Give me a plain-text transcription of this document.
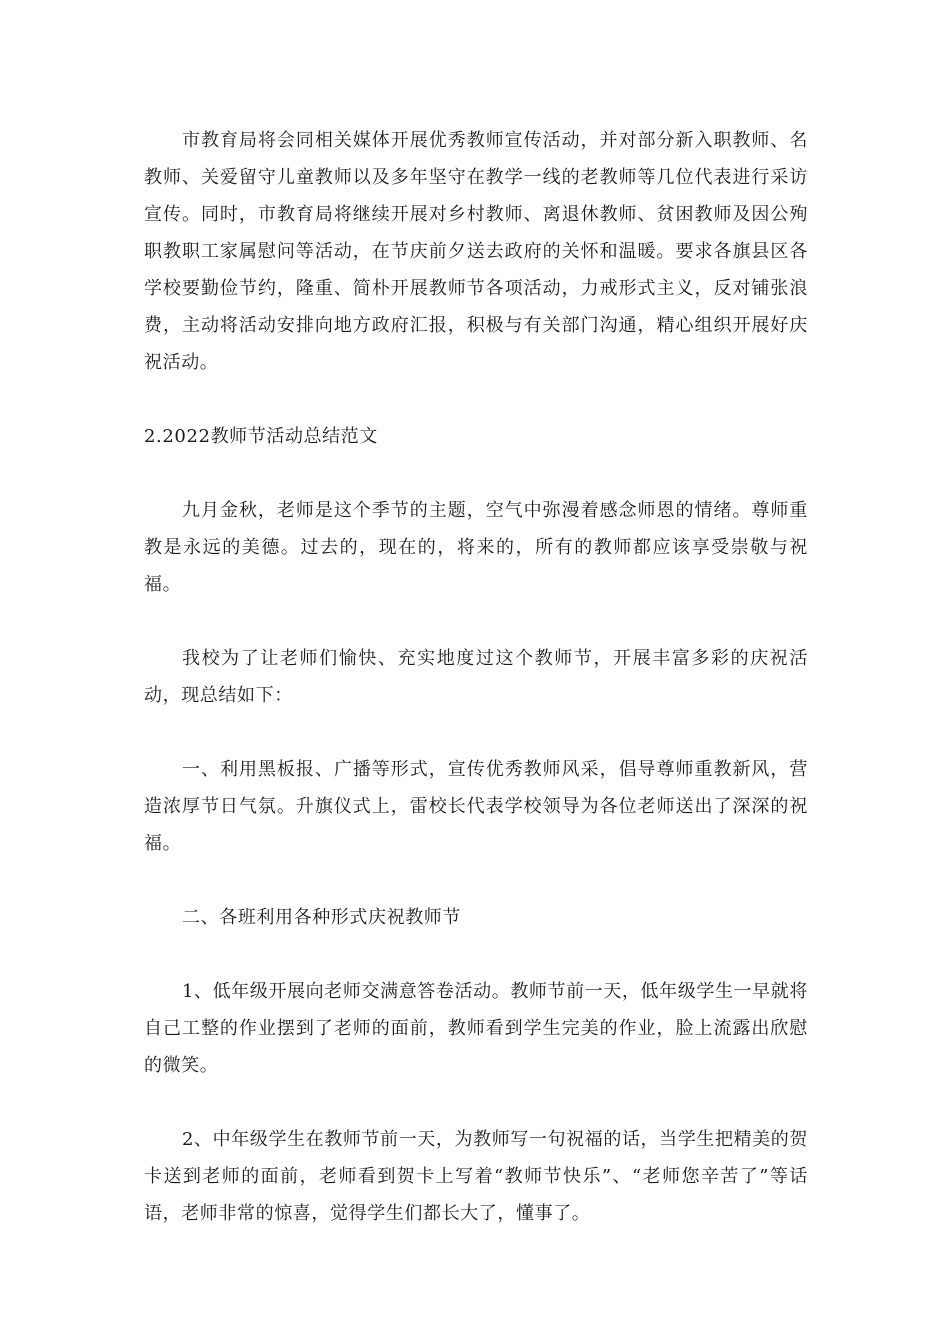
市教育局将会同相关媒体开展优秀教师宣传活动，并对部分新入职教师、名教师、关爱留守儿童教师以及多年坚守在教学一线的老教师等几位代表进行采访宣传。同时，市教育局将继续开展对乡村教师、离退休教师、贫困教师及因公殉职教职工家属慰问等活动，在节庆前夕送去政府的关怀和温暖。要求各旗县区各学校要勤俭节约，隆重、简朴开展教师节各项活动，力戒形式主义，反对铺张浪费，主动将活动安排向地方政府汇报，积极与有关部门沟通，精心组织开展好庆祝活动。

2.2022教师节活动总结范文

九月金秋，老师是这个季节的主题，空气中弥漫着感念师恩的情绪。尊师重教是永远的美德。过去的，现在的，将来的，所有的教师都应该享受崇敬与祝福。

我校为了让老师们愉快、充实地度过这个教师节，开展丰富多彩的庆祝活动，现总结如下：

一、利用黑板报、广播等形式，宣传优秀教师风采，倡导尊师重教新风，营造浓厚节日气氛。升旗仪式上，雷校长代表学校领导为各位老师送出了深深的祝福。

二、各班利用各种形式庆祝教师节

1、低年级开展向老师交满意答卷活动。教师节前一天，低年级学生一早就将自己工整的作业摆到了老师的面前，教师看到学生完美的作业，脸上流露出欣慰的微笑。

2、中年级学生在教师节前一天，为教师写一句祝福的话，当学生把精美的贺卡送到老师的面前，老师看到贺卡上写着“教师节快乐”、“老师您辛苦了”等话语，老师非常的惊喜，觉得学生们都长大了，懂事了。
